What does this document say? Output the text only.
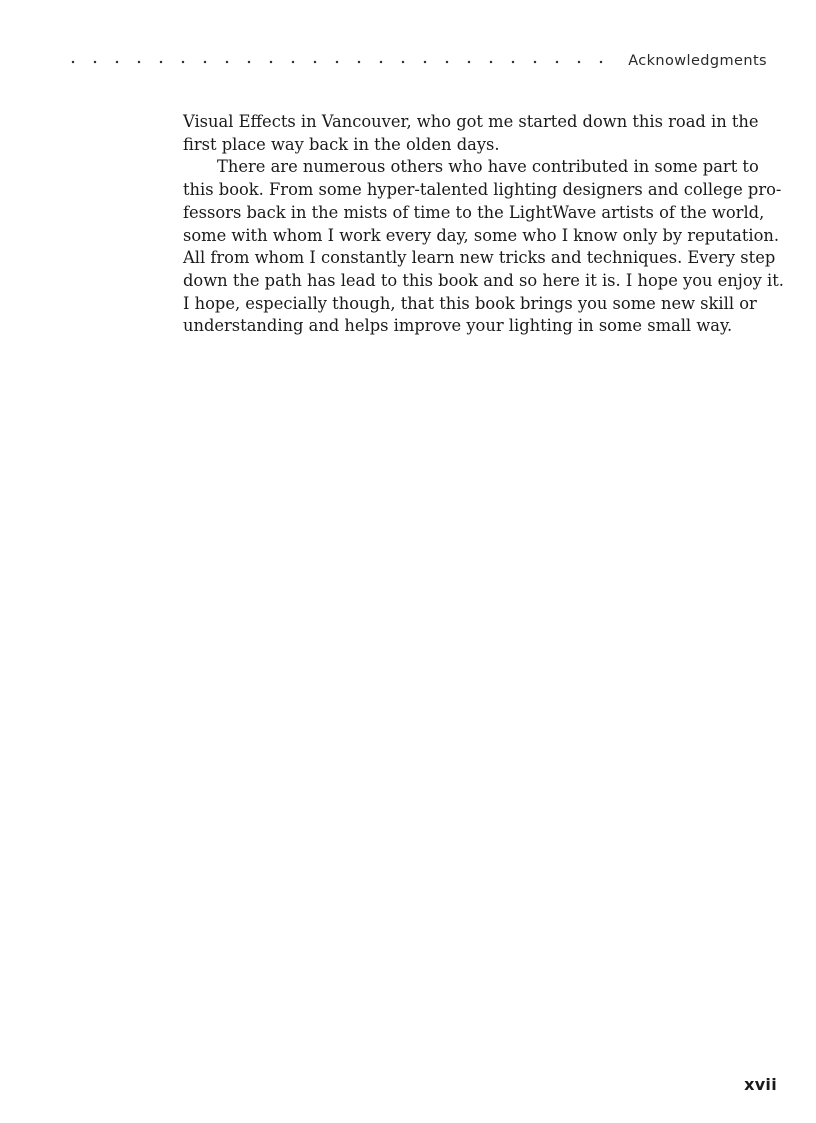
Acknowledgments
Visual Effects in Vancouver, who got me started down this road in the
first place way back in the olden days.
There are numerous others who have contributed in some part to
this book. From some hyper-talented lighting designers and college pro-
fessors back in the mists of time to the LightWave artists of the world,
some with whom I work every day, some who I know only by reputation.
All from whom I constantly learn new tricks and techniques. Every step
down the path has lead to this book and so here it is. I hope you enjoy it.
I hope, especially though, that this book brings you some new skill or
understanding and helps improve your lighting in some small way.
xvii
